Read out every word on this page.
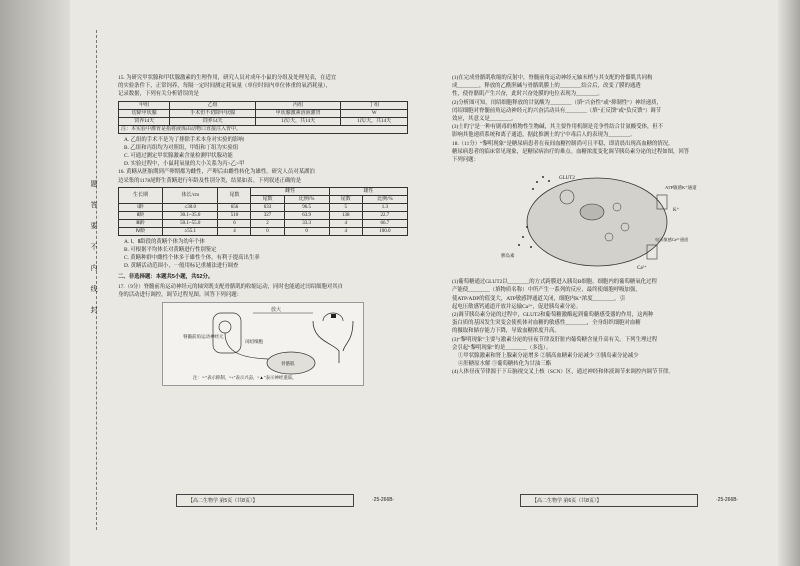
题答要不内线封

15. 为研究甲状腺和甲状腺激素的生理作用，研究人员对成年小鼠的分组及处理见表，在适宜

的实验条件下，正常饲养，每隔一定时间测定耗氧量（单位时间内单位体重的氧消耗量），

记录数据，下列有关分析错误的是

甲组	乙组	丙组	丁组
切除甲状腺	手术但不切除甲状腺	甲状腺激素溶液灌胃	W
饲养14天	饲养14天	1次/天，共14天	1次/天，共14天
注：本实验中灌胃是指将液体由动物口直接注入胃中。			

A. 乙组的手术不是为了排除手术本身对实验的影响

B. 乙组和丙组均为对照组，甲组和丁组为实验组

C. 可通过测定甲状腺激素含量检测甲状腺功能

D. 实验过程中，小鼠耗氧量的大小关系为丙>乙>甲

16. 黄鳝从胚胎期到产卵期都为雌性，产卵后由雌性转化为雄性。研究人员对某湖泊

边采集的1178尾野生黄鳝进行年龄及性别分类，结果如表。下列叙述正确的是

生长期	体长/cm	尾数	雌性		雄性	
			尾数	比例/%	尾数	比例/%
Ⅰ龄	≤30.0	656	633	96.5	5	1.3
Ⅱ龄	30.1~35.0	510	327	63.9	138	22.7
Ⅲ龄	50.1~55.0	6	2	33.3	4	66.7
Ⅳ龄	≥55.1	4	0	0	4	100.0

A. Ⅰ、Ⅱ龄段的黄鳝个体为幼年个体

B. 可根据平均体长对黄鳝进行性别鉴定

C. 黄鳝种群中雌性个体多于雄性个体，有利于提高出生率

D. 黄鳝活动范围小，一般用标记重捕法进行调查

二、非选择题：本题共5小题，共52分。

17.（9分）脊髓前角运动神经元的轴突既支配骨骼肌的收缩运动，同时也能通过闰绍细胞对其自

身的活动进行调控，调节过程见图。回答下列问题：

放大
脊髓前角运动神经元
闰绍细胞
骨骼肌
注：“-”表示抑制，“+”表示兴奋，“▲”表示神经递质。
【高二生物学 第5页（共8页）】	·25-266B·

(1)在完成骨骼肌收缩的反射中，脊髓前角运动神经元轴末梢与其支配的骨骼肌共同构

成________，释放的乙酰胆碱与骨骼肌膜上的________结合后，改变了膜的通透

性，使骨骼肌产生兴奋，此时兴奋处膜的电位表现为________。

(2)分析图可知，闰绍细胞释放的甘氨酸为________（填“兴奋性”或“抑制性”）神经递质，

闰绍细胞对脊髓前角运动神经元的兴奋活动具有________（填“正反馈”或“负反馈”）调节

效应，其意义是________。

(3)士的宁是一种有剧毒的植物性生物碱，其主要作用机制是竞争性结合甘氨酸受体，但不

影响其他递质系统和离子通道，据此推测士的宁中毒后人的表现为________。

18.（11分）“黎明现象”是糖尿病患者在夜间血糖控制尚可且平稳，即清晨出现高血糖的情况，

糖尿病患者的临床常见现象，是糖尿病治疗的难点。血糖浓度变化调节胰岛素分泌的过程如图，回答

下列问题：

GLUT2
ATP敏感K⁺通道
K⁺
Ca²⁺
胰岛素
电压敏感Ca²⁺通道

(1)葡萄糖通过GLUT2以________的方式跨膜进入胰岛B细胞。细胞内的葡萄糖氧化过程

产能使________（填物质名称）中所产生一系列的反应，最终使细胞呼吸加强，

使ATP/ADP的值变大，ATP敏感钾通道关闭，细胞内K⁺浓度________，引

起电压敏感钙通道开放并运输Ca²⁺，促进胰岛素分泌。

(2)调节胰岛素分泌的过程中，GLUT2和葡萄糖激酶起到葡萄糖感受器的作用，这两种

蛋白质的基因发生突变会使机体对血糖的敏感性________，全身组织细胞对血糖

的摄取和储存能力下降，导致血糖浓度升高。

(3)“黎明现象”主要与激素分泌的昼夜节律及肝脏内葡萄糖含量升高有关。下列生理过程

会引起“黎明现象”的是________（多选）。

①甲状腺激素和肾上腺素分泌增多 ②胰高血糖素分泌减少 ③胰岛素分泌减少

④肝糖原水解 ⑤葡萄糖转化为甘油三酯

(4)人体昼夜节律源于下丘脑视交叉上核（SCN）区，通过神经和体液调节来调控内调节节律。

【高二生物学 第6页（共8页）】	·25-266B·
